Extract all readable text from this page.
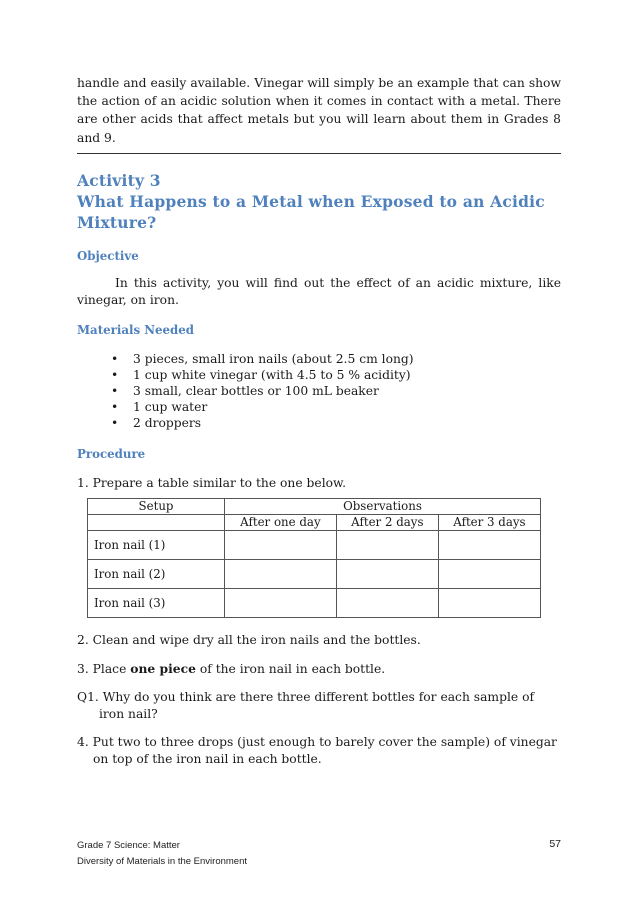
handle and easily available. Vinegar will simply be an example that can show the action of an acidic solution when it comes in contact with a metal. There are other acids that affect metals but you will learn about them in Grades 8 and 9.

Activity 3
What Happens to a Metal when Exposed to an Acidic Mixture?
Objective

In this activity, you will find out the effect of an acidic mixture, like vinegar, on iron.

Materials Needed
• 3 pieces, small iron nails (about 2.5 cm long)
• 1 cup white vinegar (with 4.5 to 5 % acidity)
• 3 small, clear bottles or 100 mL beaker
• 1 cup water
• 2 droppers
Procedure

1. Prepare a table similar to the one below.

Setup	Observations		
	After one day	After 2 days	After 3 days
Iron nail (1)			
Iron nail (2)			
Iron nail (3)			

2. Clean and wipe dry all the iron nails and the bottles.

3. Place one piece of the iron nail in each bottle.

Q1. Why do you think are there three different bottles for each sample of
iron nail?

4. Put two to three drops (just enough to barely cover the sample) of vinegar
on top of the iron nail in each bottle.

Grade 7 Science: Matter
Diversity of Materials in the Environment
57
